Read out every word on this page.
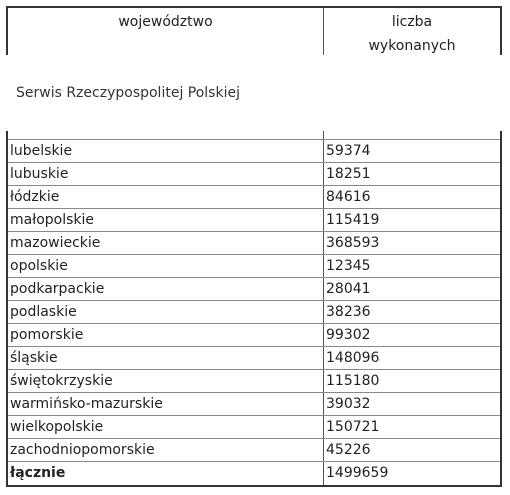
województwo	liczba
wykonanych
Serwis Rzeczypospolitej Polskiej
lubelskie	59374
lubuskie	18251
łódzkie	84616
małopolskie	115419
mazowieckie	368593
opolskie	12345
podkarpackie	28041
podlaskie	38236
pomorskie	99302
śląskie	148096
świętokrzyskie	115180
warmińsko-mazurskie	39032
wielkopolskie	150721
zachodniopomorskie	45226
łącznie	1499659
